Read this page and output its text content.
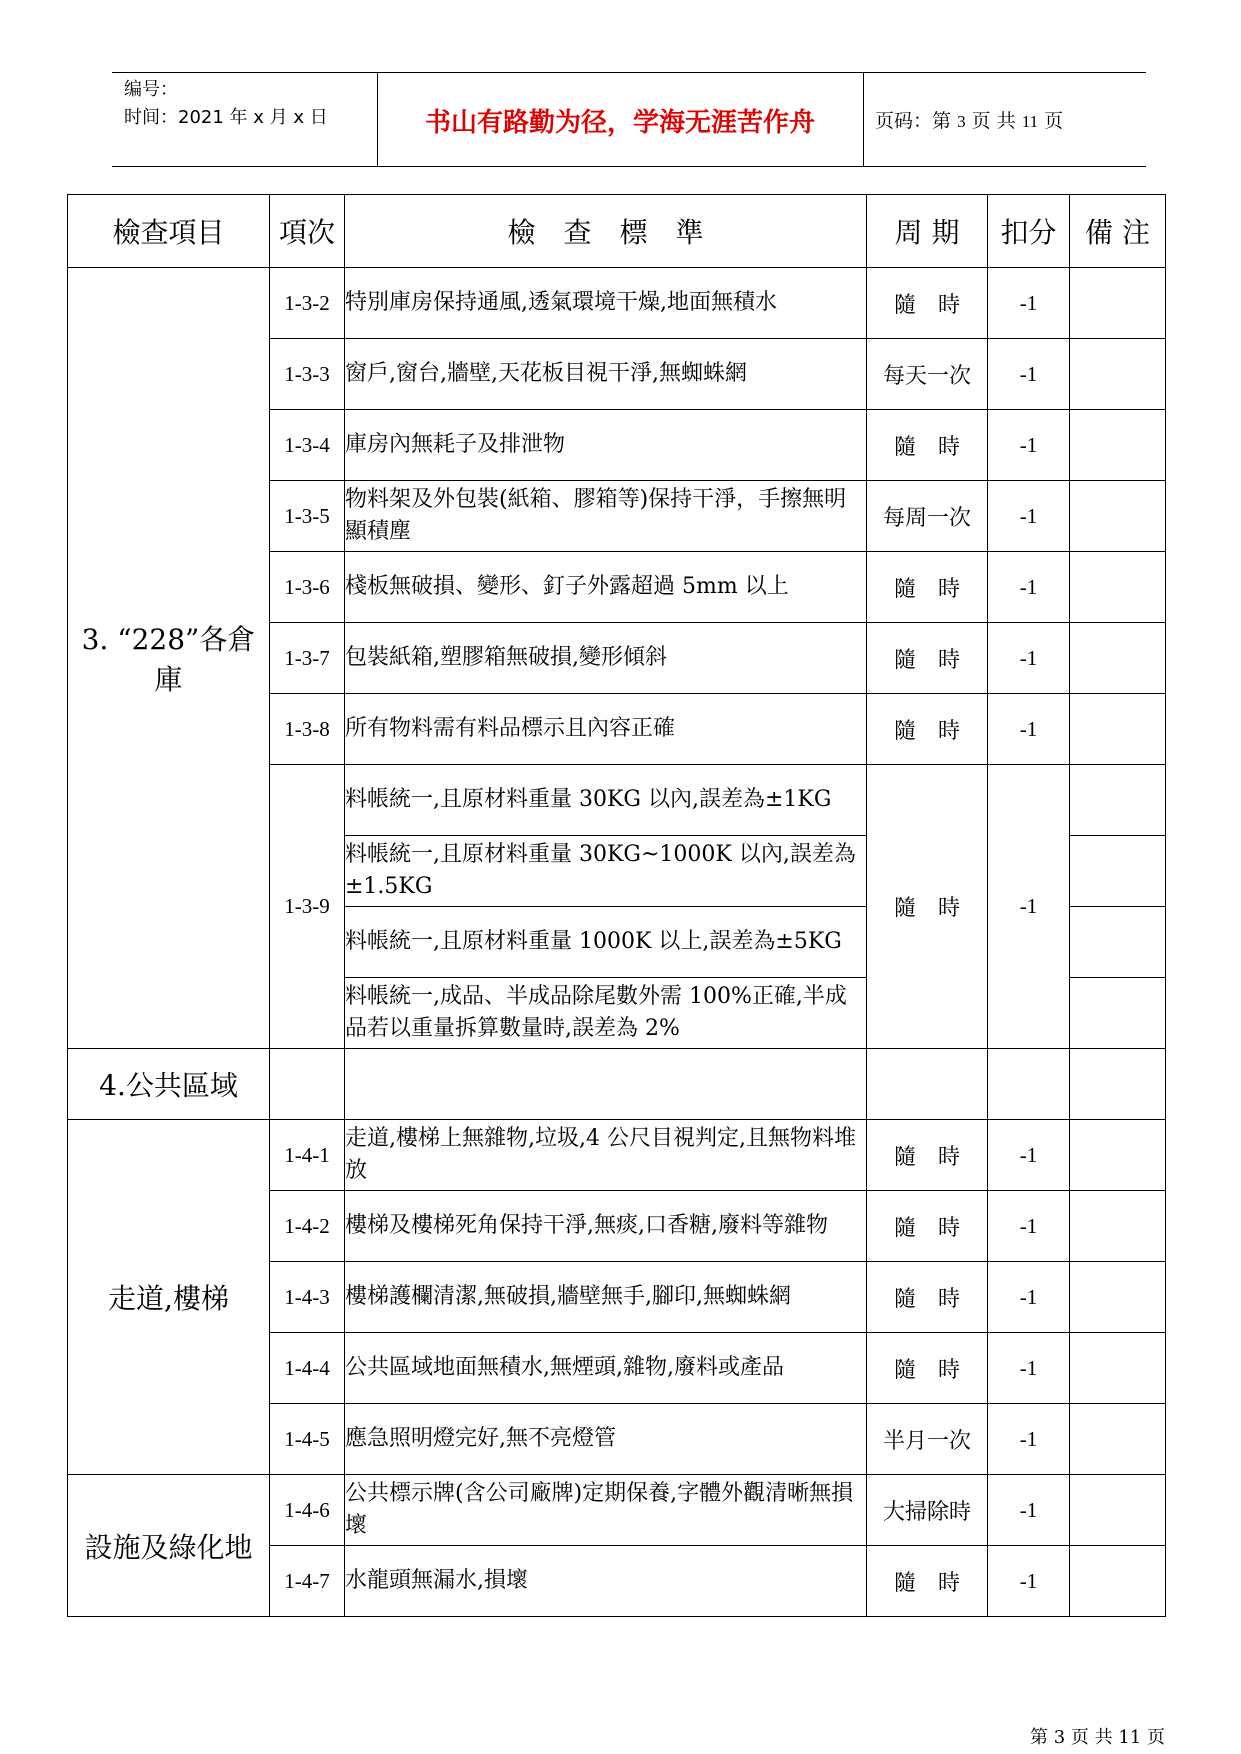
编号：
时间：2021 年 x 月 x 日	书山有路勤为径，学海无涯苦作舟	页码：第 3 页 共 11 页
檢查項目	項次	檢　查　標　準	周 期	扣分	備 注
3. “228”各倉庫	1-3-2	特別庫房保持通風,透氣環境干燥,地面無積水	隨　時	-1	
	1-3-3	窗戶,窗台,牆壁,天花板目視干淨,無蜘蛛網	每天一次	-1	
	1-3-4	庫房內無耗子及排泄物	隨　時	-1	
	1-3-5	物料架及外包裝(紙箱、膠箱等)保持干淨，手擦無明顯積塵	每周一次	-1	
	1-3-6	棧板無破損、變形、釘子外露超過 5mm 以上	隨　時	-1	
	1-3-7	包裝紙箱,塑膠箱無破損,變形傾斜	隨　時	-1	
	1-3-8	所有物料需有料品標示且內容正確	隨　時	-1	
	1-3-9	料帳統一,且原材料重量 30KG 以內,誤差為±1KG	隨　時	-1	
		料帳統一,且原材料重量 30KG~1000K 以內,誤差為±1.5KG			
		料帳統一,且原材料重量 1000K 以上,誤差為±5KG			
		料帳統一,成品、半成品除尾數外需 100%正確,半成品若以重量拆算數量時,誤差為 2%			
4.公共區域					
走道,樓梯	1-4-1	走道,樓梯上無雜物,垃圾,4 公尺目視判定,且無物料堆放	隨　時	-1	
	1-4-2	樓梯及樓梯死角保持干淨,無痰,口香糖,廢料等雜物	隨　時	-1	
	1-4-3	樓梯護欄清潔,無破損,牆壁無手,腳印,無蜘蛛網	隨　時	-1	
	1-4-4	公共區域地面無積水,無煙頭,雜物,廢料或產品	隨　時	-1	
	1-4-5	應急照明燈完好,無不亮燈管	半月一次	-1	
設施及綠化地	1-4-6	公共標示牌(含公司廠牌)定期保養,字體外觀清晰無損壞	大掃除時	-1	
	1-4-7	水龍頭無漏水,損壞	隨　時	-1	
第 3 页 共 11 页
